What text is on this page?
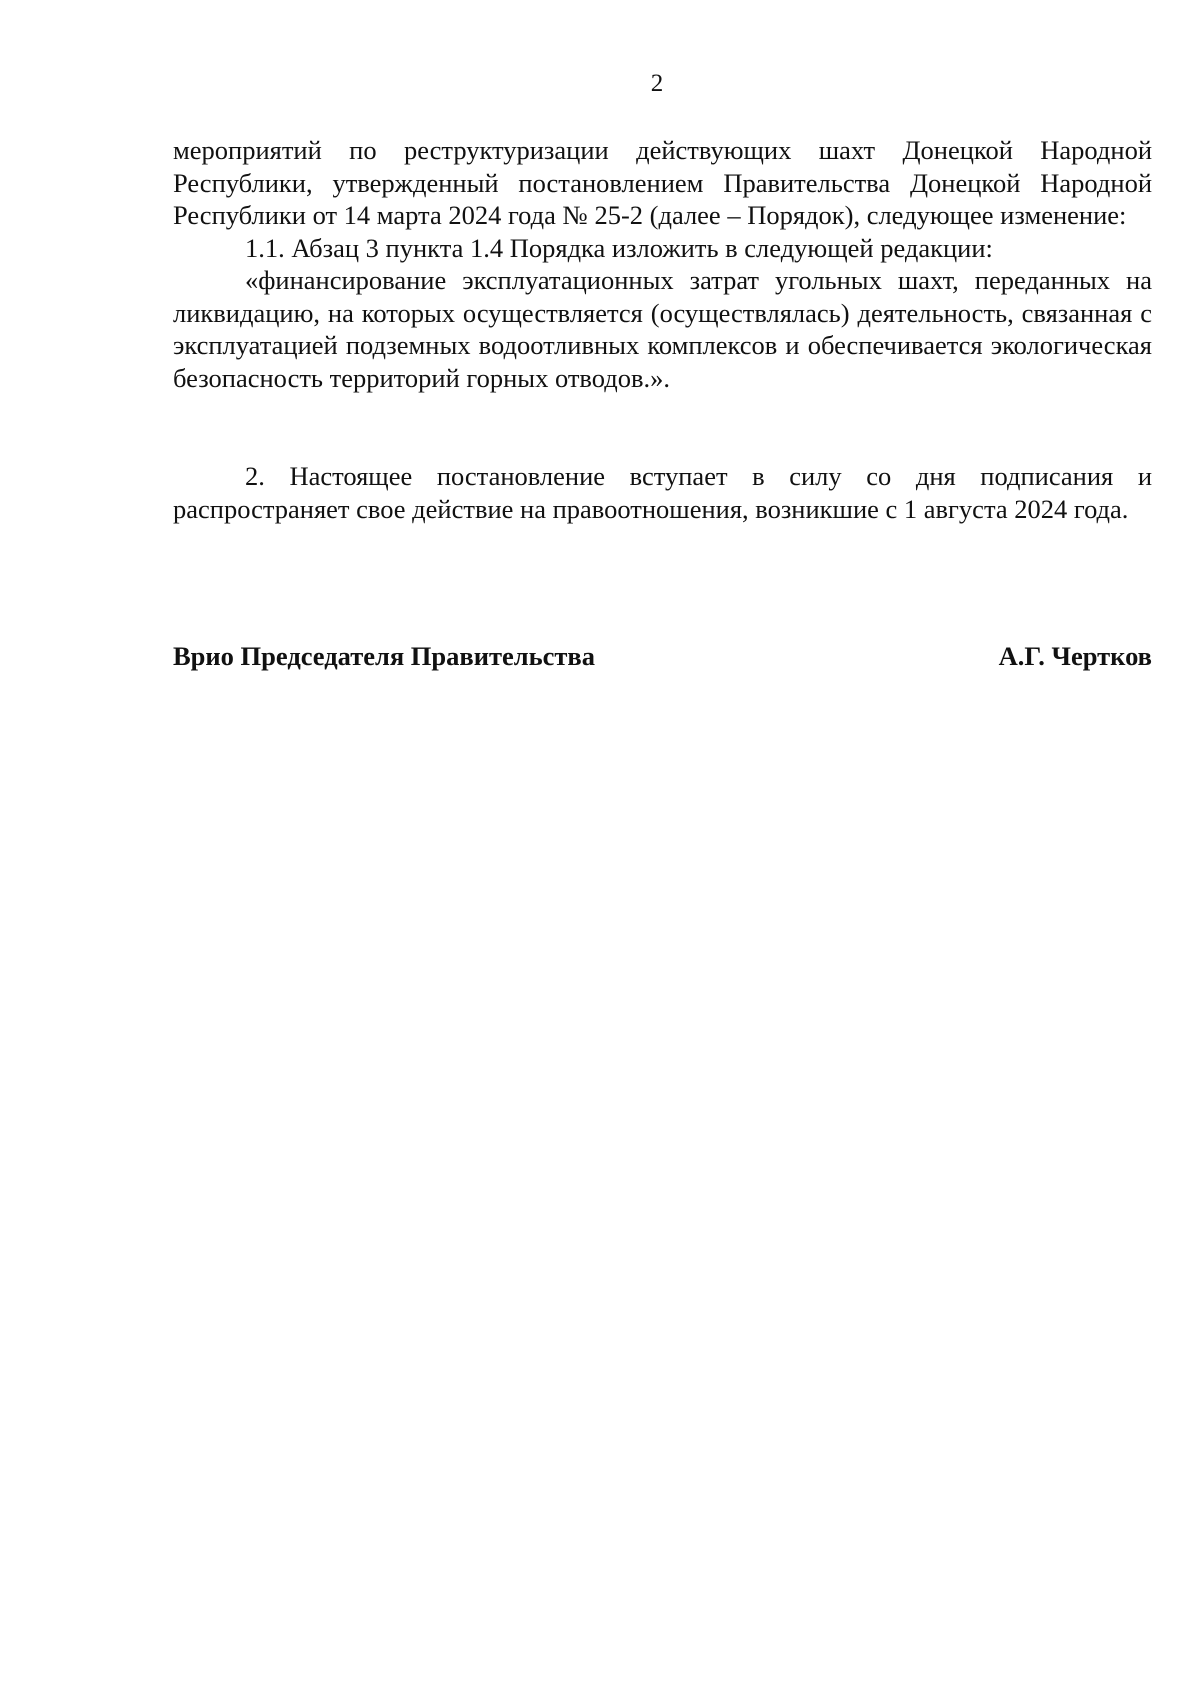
2

мероприятий по реструктуризации действующих шахт Донецкой Народной Республики, утвержденный постановлением Правительства Донецкой Народной Республики от 14 марта 2024 года № 25-2 (далее – Порядок), следующее изменение:

1.1. Абзац 3 пункта 1.4 Порядка изложить в следующей редакции:

«финансирование эксплуатационных затрат угольных шахт, переданных на ликвидацию, на которых осуществляется (осуществлялась) деятельность, связанная с эксплуатацией подземных водоотливных комплексов и обеспечивается экологическая безопасность территорий горных отводов.».

2. Настоящее постановление вступает в силу со дня подписания и распространяет свое действие на правоотношения, возникшие с 1 августа 2024 года.

Врио Председателя Правительства	А.Г. Чертков
